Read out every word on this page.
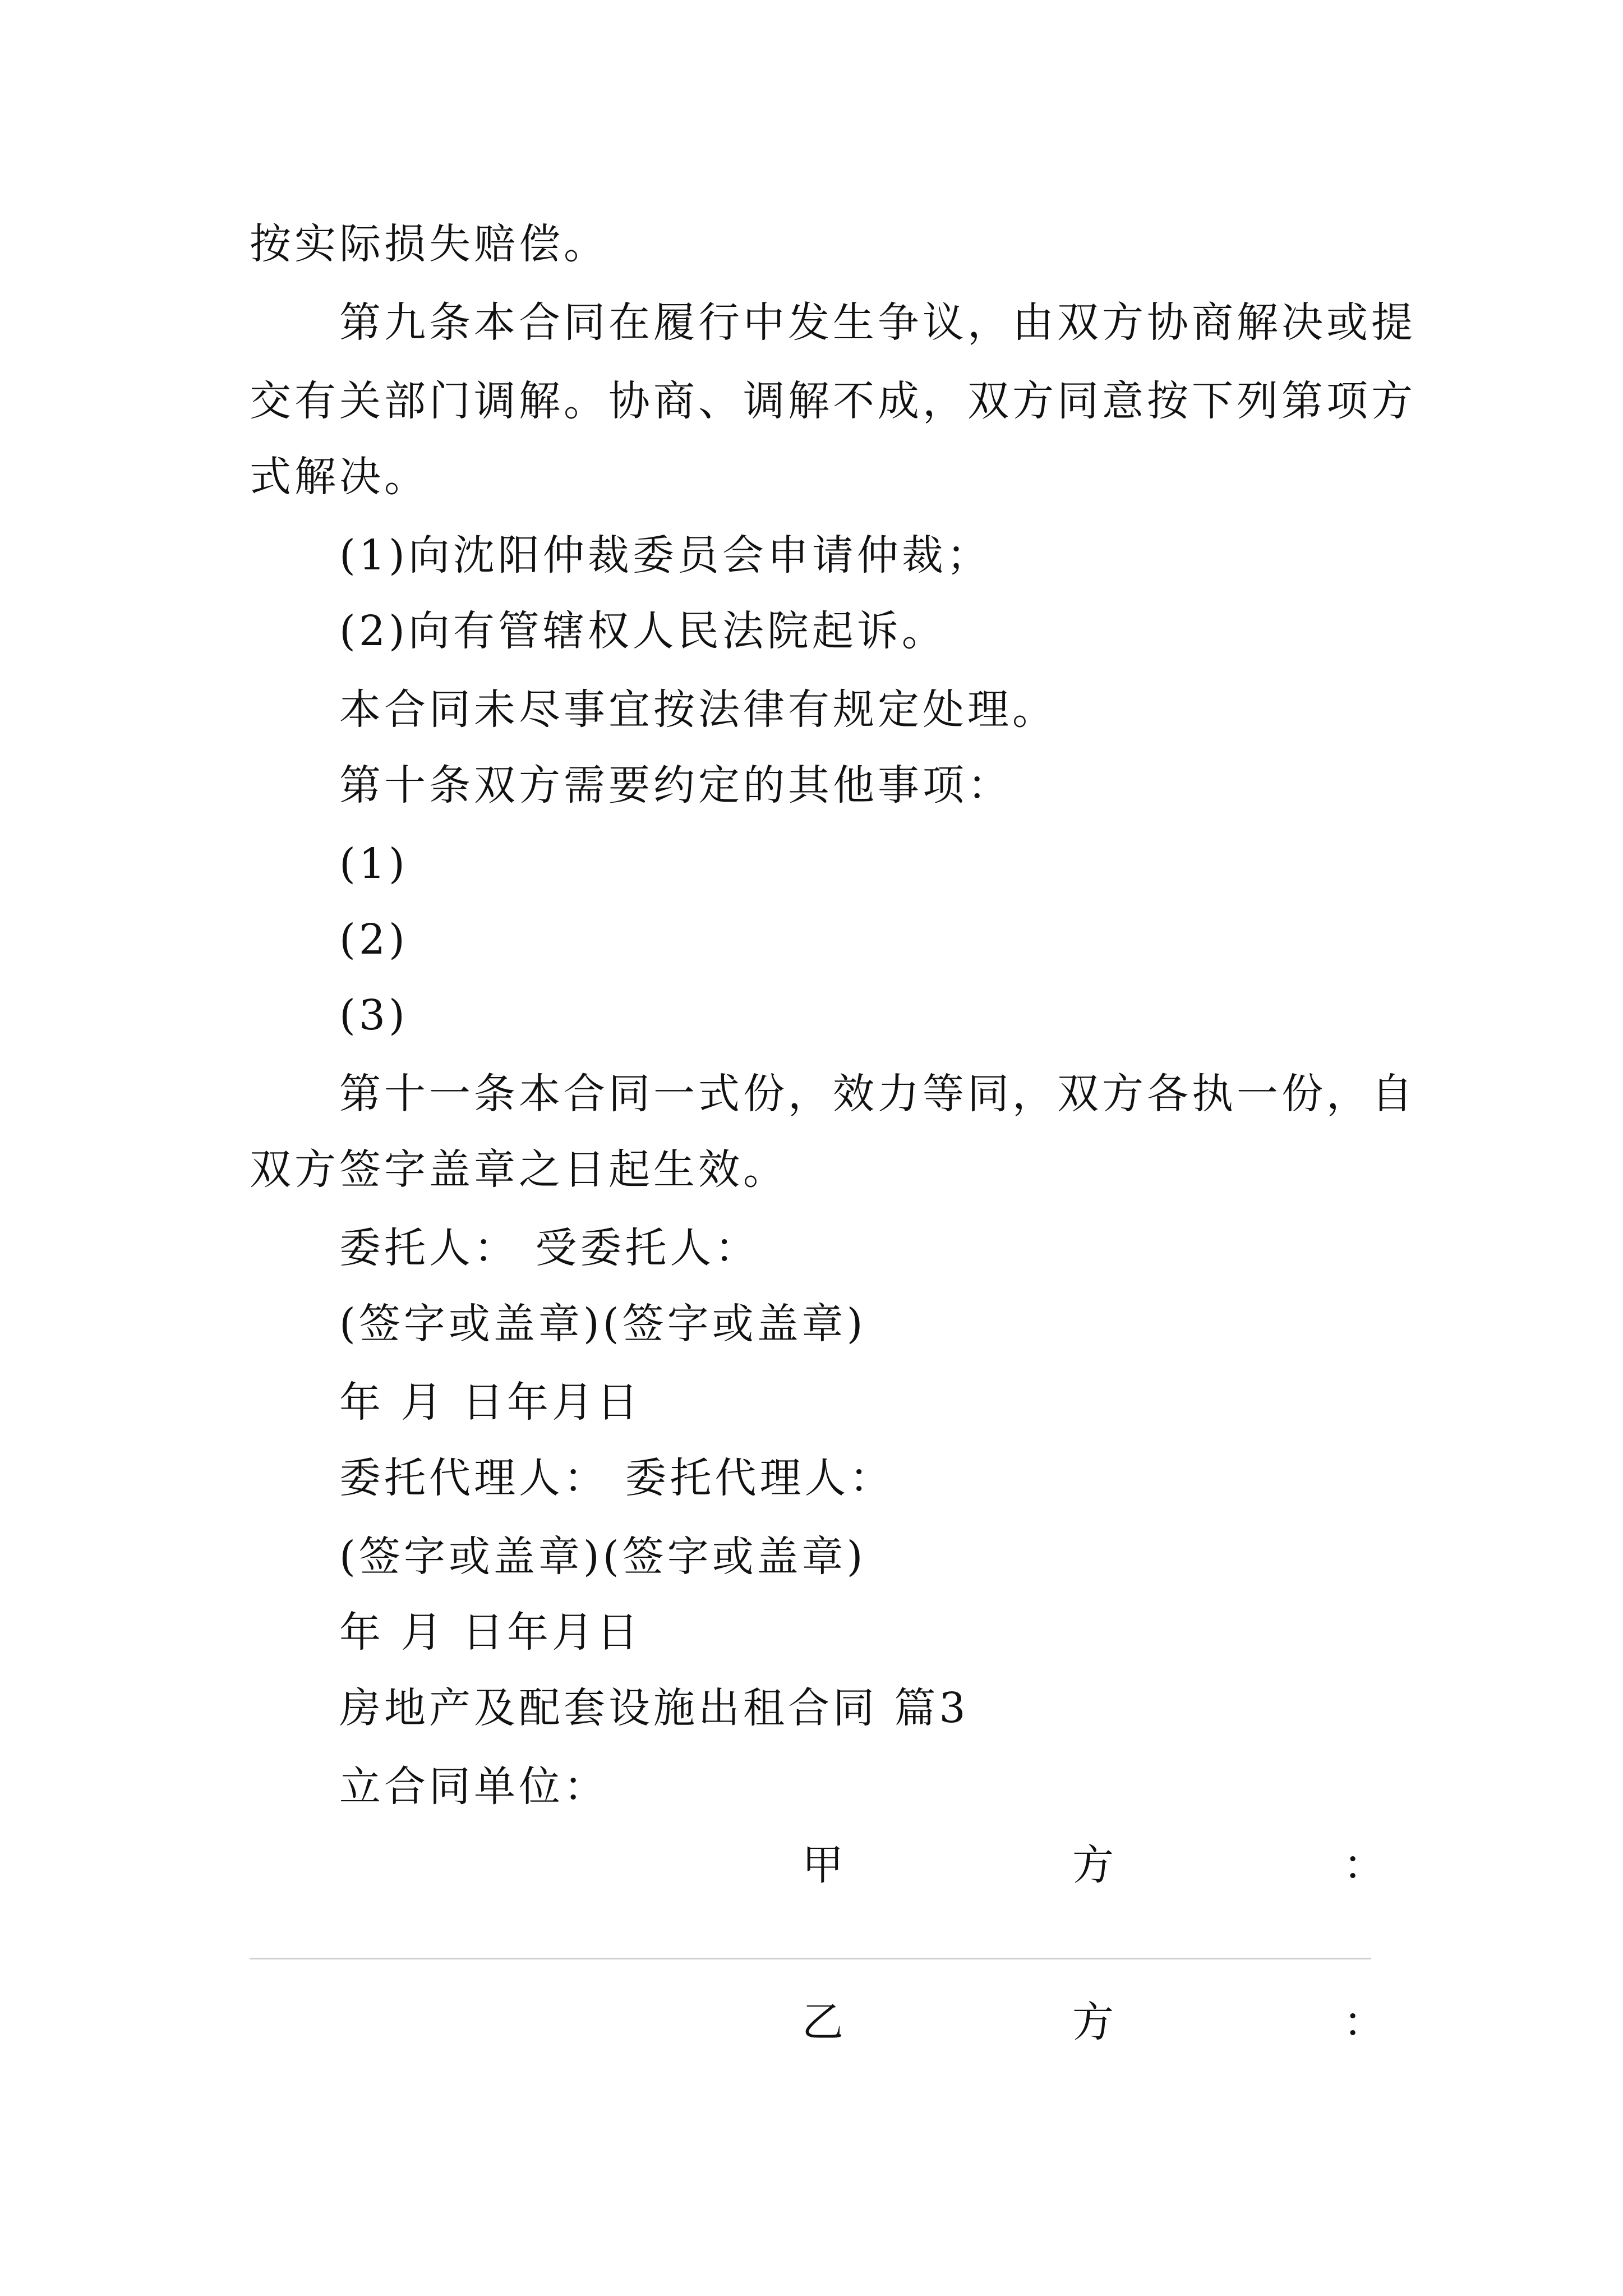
按实际损失赔偿。
第九条本合同在履行中发生争议，由双方协商解决或提
交有关部门调解。协商、调解不成，双方同意按下列第项方
式解决。
(1)向沈阳仲裁委员会申请仲裁；
(2)向有管辖权人民法院起诉。
本合同未尽事宜按法律有规定处理。
第十条双方需要约定的其他事项：
(1)
(2)
(3)
第十一条本合同一式份，效力等同，双方各执一份，自
双方签字盖章之日起生效。
委托人： 受委托人：
(签字或盖章)(签字或盖章)
年 月 日年月日
委托代理人： 委托代理人：
(签字或盖章)(签字或盖章)
年 月 日年月日
房地产及配套设施出租合同 篇3
立合同单位：
甲	方	：
乙	方	：
